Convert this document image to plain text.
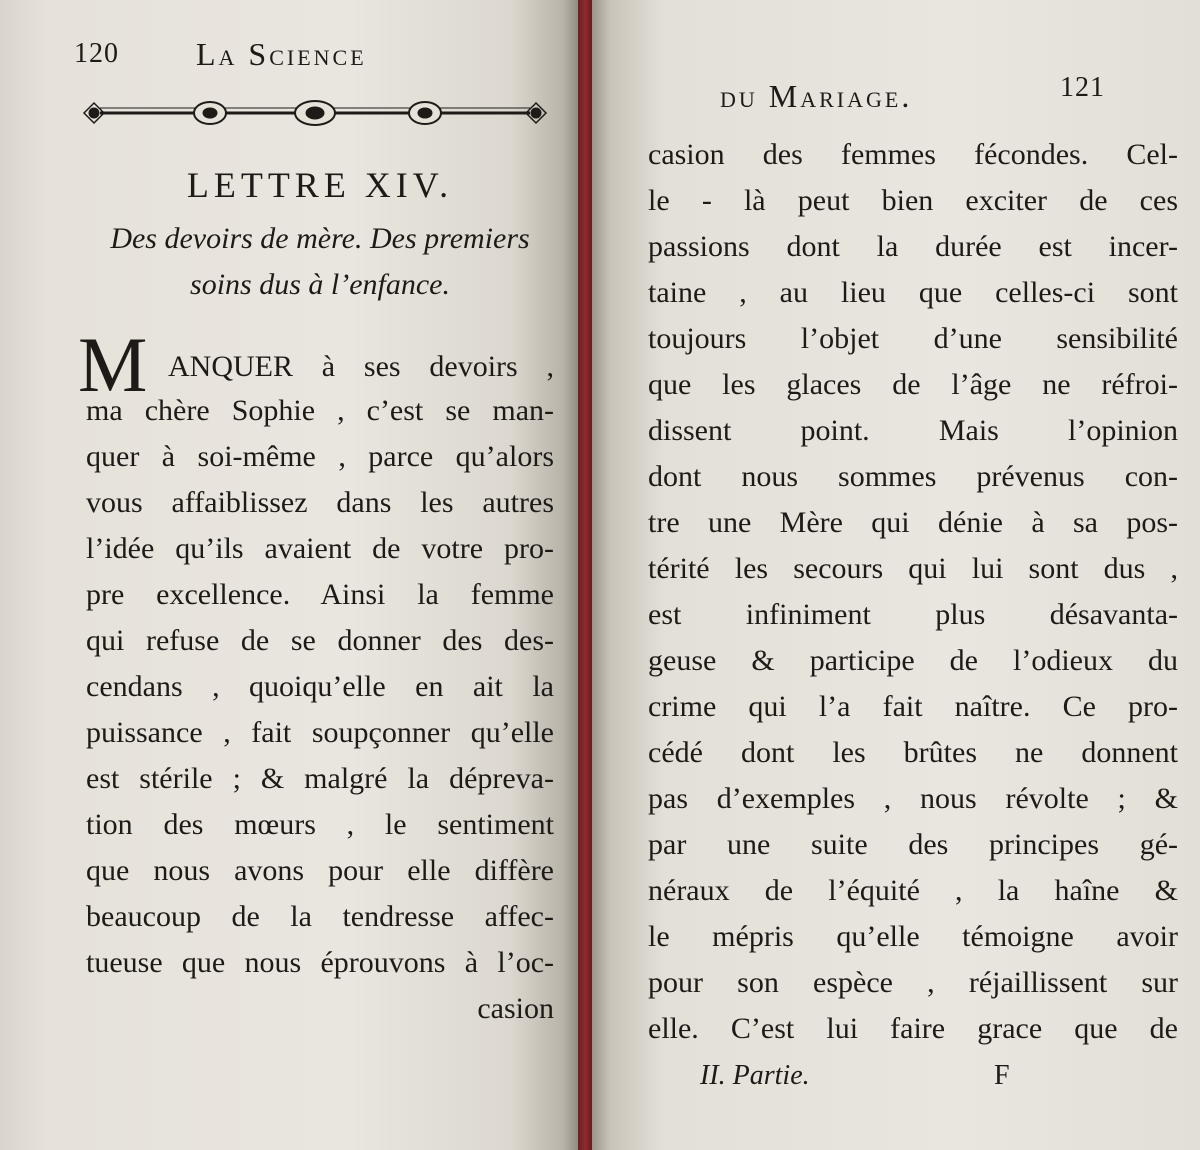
120 La Science
LETTRE XIV.
Des devoirs de mère. Des premiers
soins dus à l’enfance.
M ANQUER à ses devoirs ,
ma chère Sophie , c’est se man-
quer à soi-même , parce qu’alors
vous affaiblissez dans les autres
l’idée qu’ils avaient de votre pro-
pre excellence. Ainsi la femme
qui refuse de se donner des des-
cendans , quoiqu’elle en ait la
puissance , fait soupçonner qu’elle
est stérile ; & malgré la dépreva-
tion des mœurs , le sentiment
que nous avons pour elle diffère
beaucoup de la tendresse affec-
tueuse que nous éprouvons à l’oc-
casion
du Mariage.	121
casion des femmes fécondes. Cel-
le - là peut bien exciter de ces
passions dont la durée est incer-
taine , au lieu que celles-ci sont
toujours l’objet d’une sensibilité
que les glaces de l’âge ne réfroi-
dissent point. Mais l’opinion
dont nous sommes prévenus con-
tre une Mère qui dénie à sa pos-
térité les secours qui lui sont dus ,
est infiniment plus désavanta-
geuse & participe de l’odieux du
crime qui l’a fait naître. Ce pro-
cédé dont les brûtes ne donnent
pas d’exemples , nous révolte ; &
par une suite des principes gé-
néraux de l’équité , la haîne &
le mépris qu’elle témoigne avoir
pour son espèce , réjaillissent sur
elle. C’est lui faire grace que de
II. Partie.	F
